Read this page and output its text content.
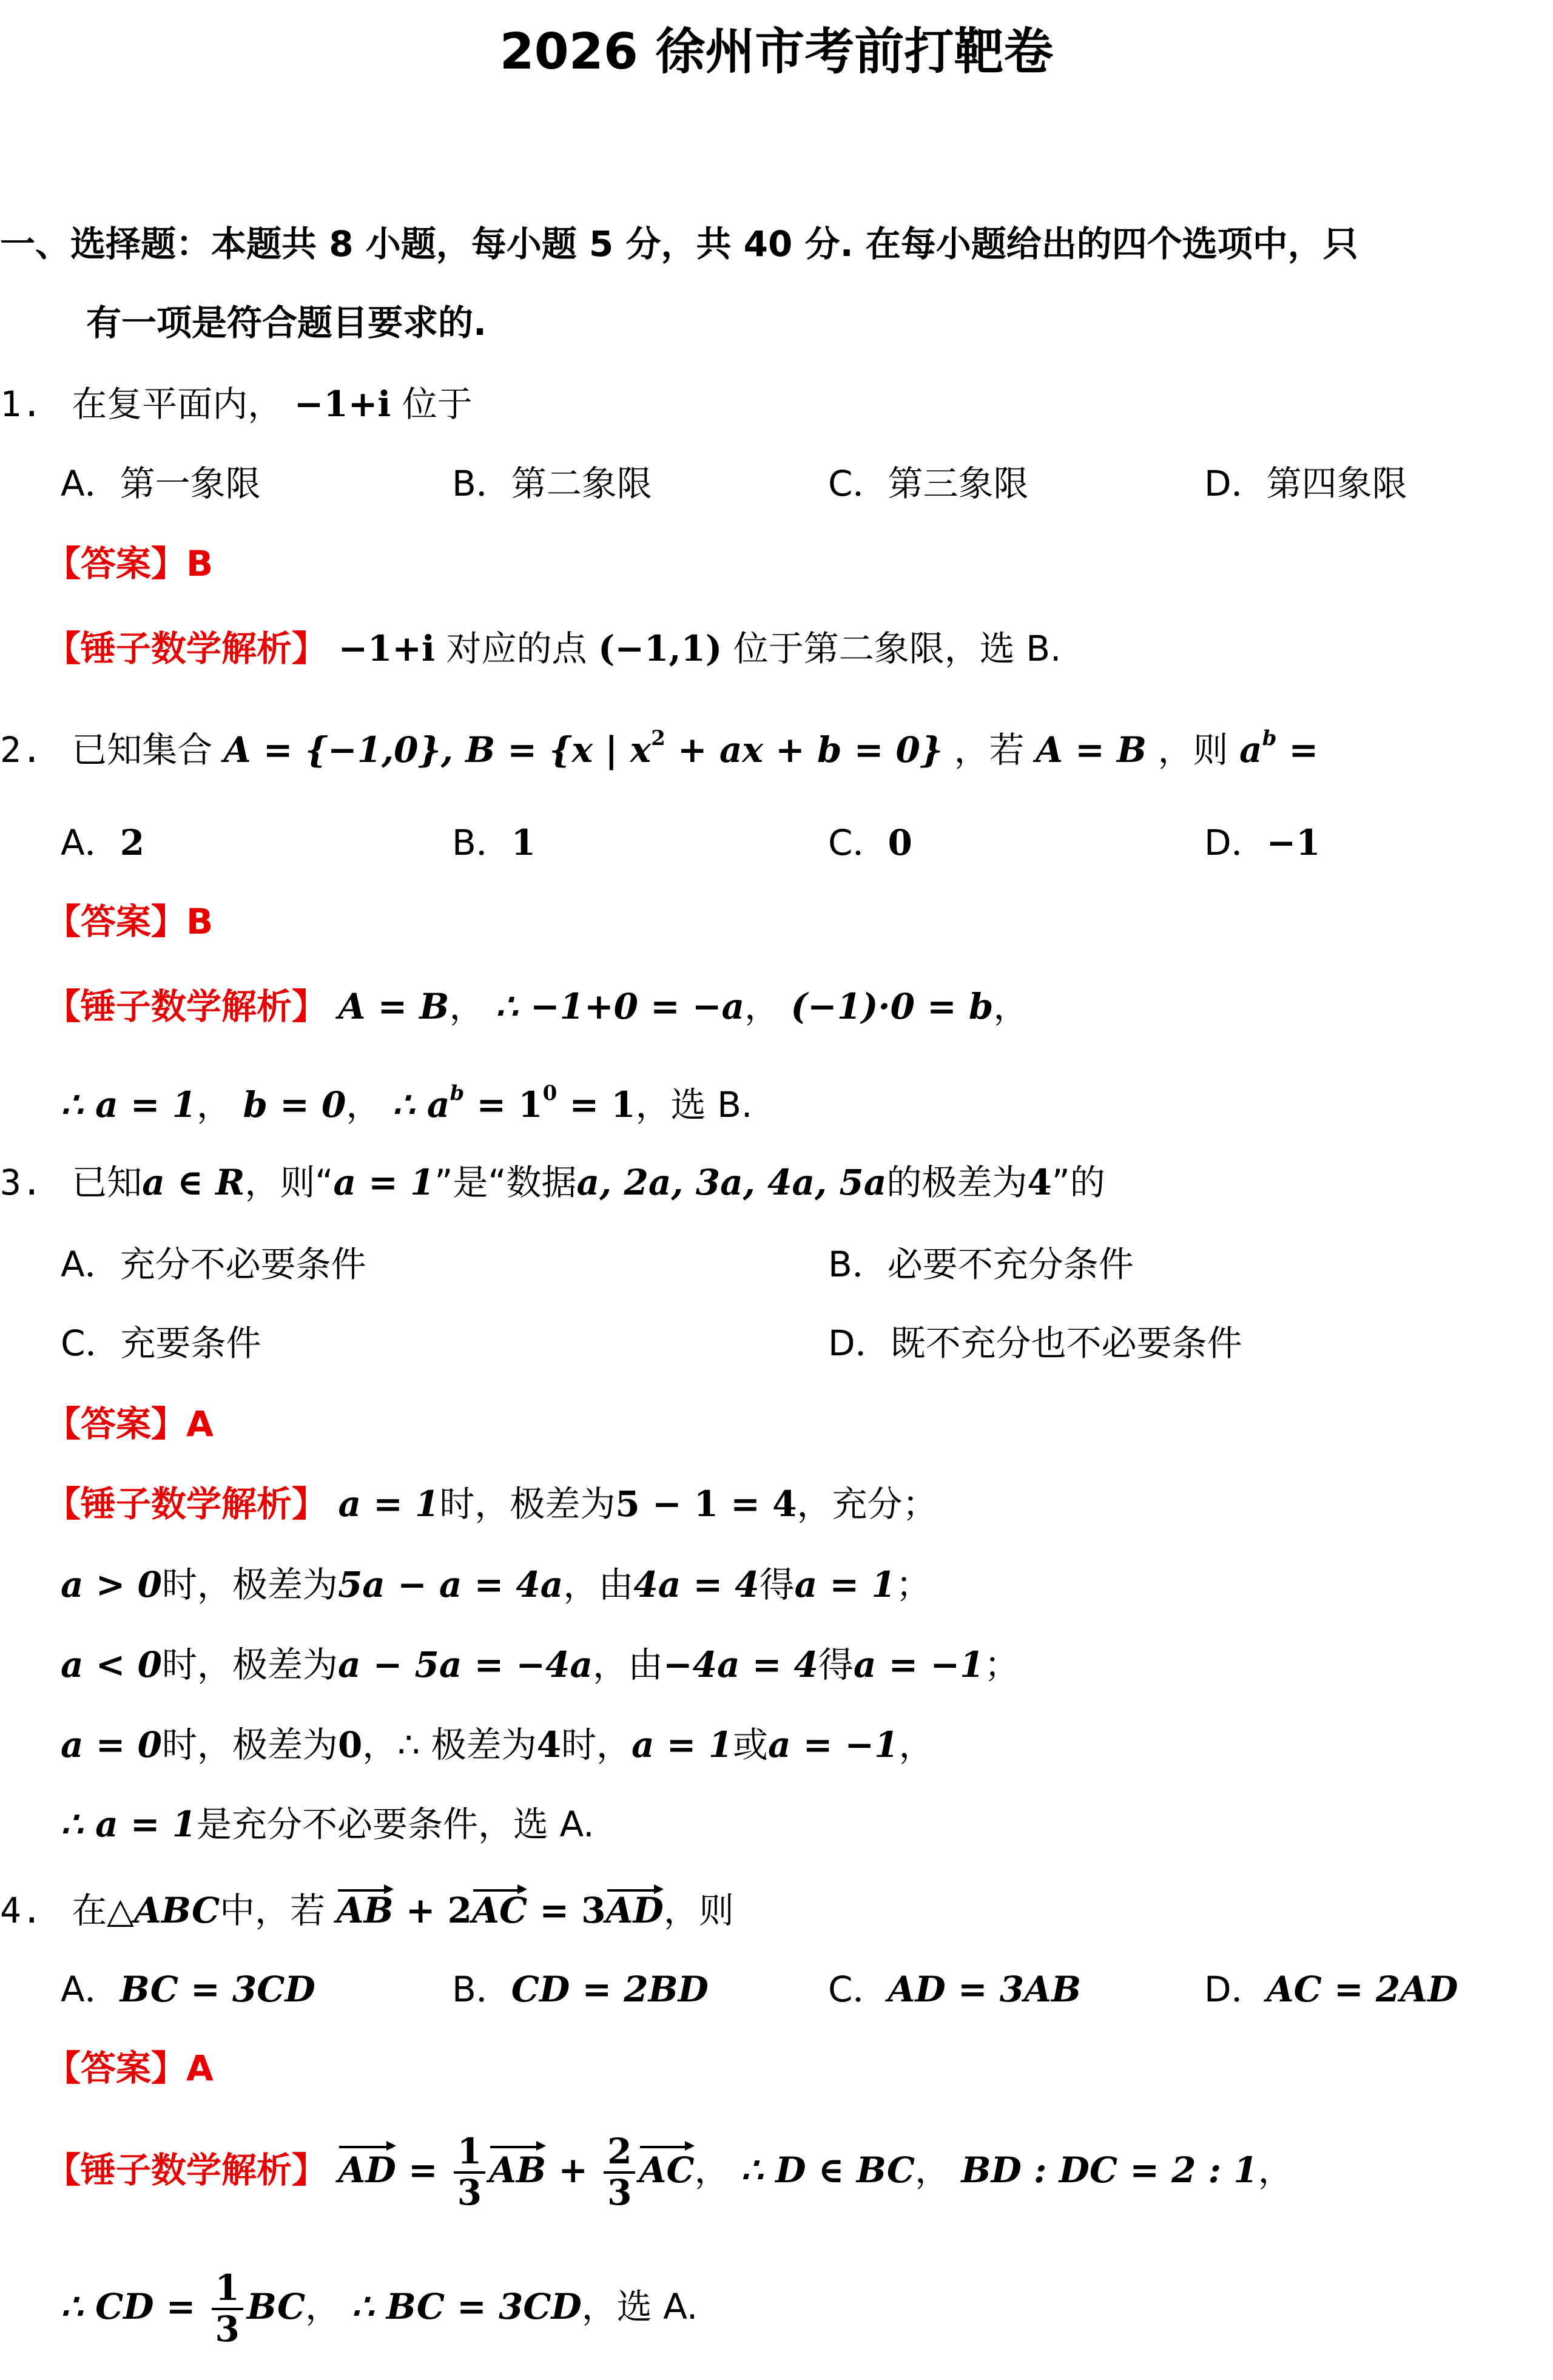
2026 徐州市考前打靶卷
一、选择题：本题共 8 小题，每小题 5 分，共 40 分. 在每小题给出的四个选项中，只
有一项是符合题目要求的.
1. 在复平面内， −1+i 位于
A．第一象限	B．第二象限	C．第三象限	D．第四象限
【答案】B
【锤子数学解析】 −1+i 对应的点 (−1,1) 位于第二象限，选 B.
2. 已知集合 A = {−1,0}, B = {x | $x^2$ + ax + b = 0} ，若 A = B ，则 $a^b$ =
A．2	B．1	C．0	D．−1
【答案】B
【锤子数学解析】 A = B， ∴ −1+0 = −a， (−1)·0 = b，
∴ a = 1， b = 0， ∴ $a^b = 1^0 = 1$，选 B.
3. 已知a ∈ R，则“a = 1”是“数据a, 2a, 3a, 4a, 5a的极差为4”的
A．充分不必要条件	B．必要不充分条件
C．充要条件	D．既不充分也不必要条件
【答案】A
【锤子数学解析】 a = 1时，极差为5 − 1 = 4，充分；
a > 0时，极差为5a − a = 4a，由4a = 4得a = 1；
a < 0时，极差为a − 5a = −4a，由−4a = 4得a = −1；
a = 0时，极差为0，∴ 极差为4时，a = 1或a = −1，
∴ a = 1是充分不必要条件，选 A.
4. 在△ABC中，若 AB + 2AC = 3AD，则
A．BC = 3CD	B．CD = 2BD	C．AD = 3AB	D．AC = 2AD
【答案】A
【锤子数学解析】 AD = $\frac{1}{3}$ AB + $\frac{2}{3}$ AC， ∴ D ∈ BC， BD : DC = 2 : 1，
∴ CD = $\frac{1}{3}$ BC， ∴ BC = 3CD，选 A.
